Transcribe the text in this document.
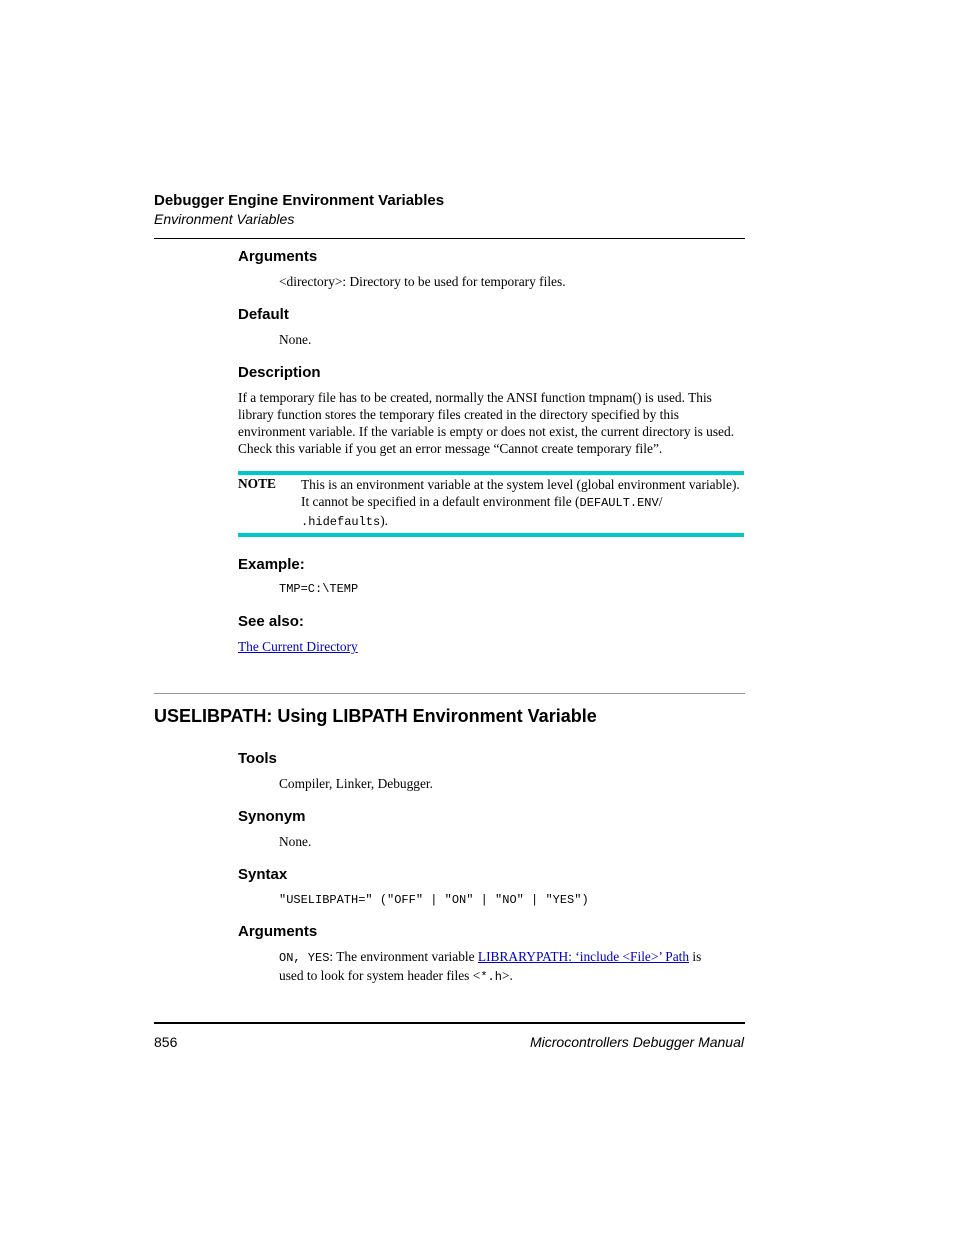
Debugger Engine Environment Variables
Environment Variables
Arguments
<directory>: Directory to be used for temporary files.
Default
None.
Description
If a temporary file has to be created, normally the ANSI function tmpnam() is used. This library function stores the temporary files created in the directory specified by this environment variable. If the variable is empty or does not exist, the current directory is used. Check this variable if you get an error message “Cannot create temporary file”.
NOTE This is an environment variable at the system level (global environment variable). It cannot be specified in a default environment file (DEFAULT.ENV/
.hidefaults).
Example:
TMP=C:\TEMP
See also:
The Current Directory
USELIBPATH: Using LIBPATH Environment Variable
Tools
Compiler, Linker, Debugger.
Synonym
None.
Syntax
"USELIBPATH=" ("OFF" | "ON" | "NO" | "YES")
Arguments
ON, YES: The environment variable LIBRARYPATH: ‘include <File>’ Path is used to look for system header files <*.h>.
856	Microcontrollers Debugger Manual
